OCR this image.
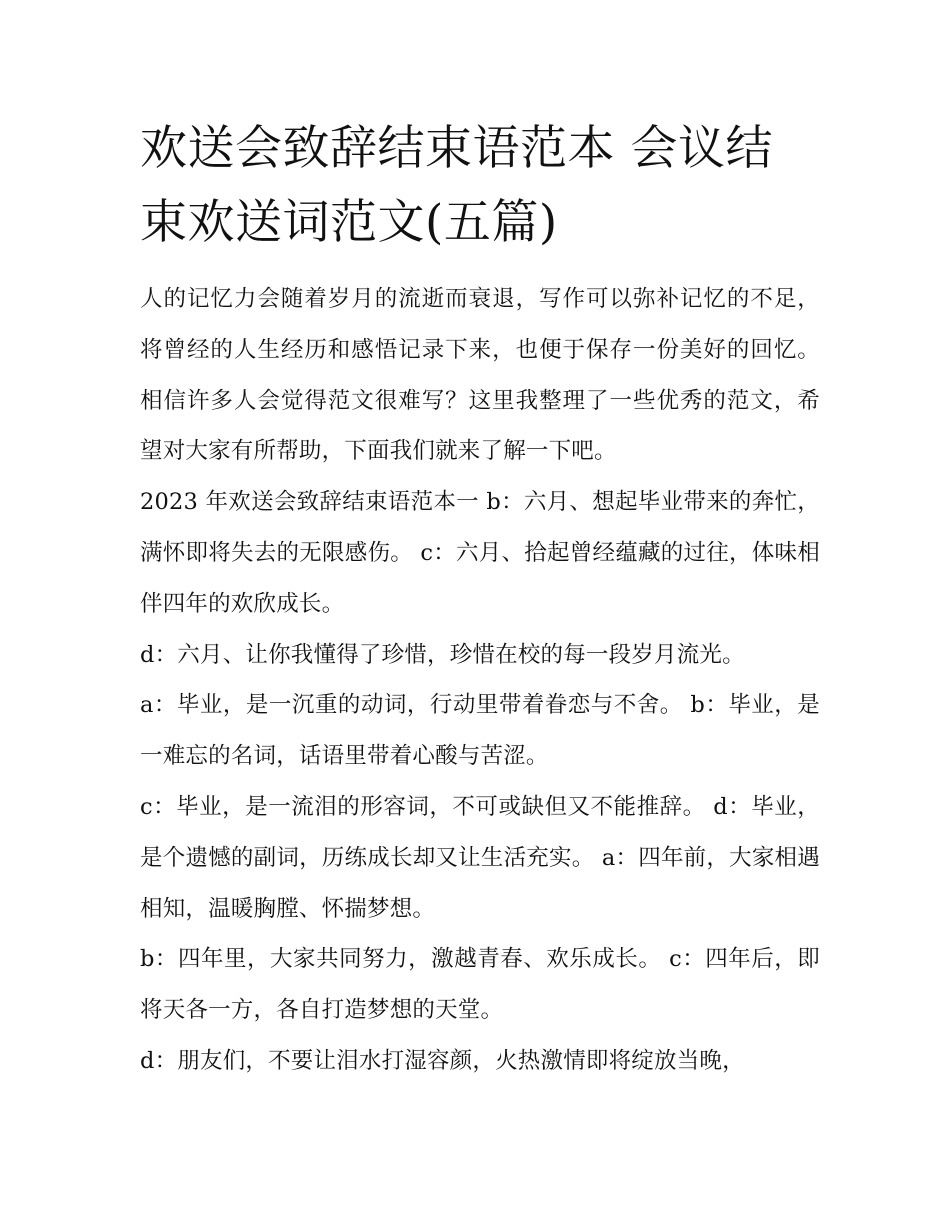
欢送会致辞结束语范本 会议结束欢送词范文(五篇)

人的记忆力会随着岁月的流逝而衰退，写作可以弥补记忆的不足，将曾经的人生经历和感悟记录下来，也便于保存一份美好的回忆。相信许多人会觉得范文很难写？这里我整理了一些优秀的范文，希望对大家有所帮助，下面我们就来了解一下吧。

2023 年欢送会致辞结束语范本一 b：六月、想起毕业带来的奔忙，满怀即将失去的无限感伤。 c：六月、拾起曾经蕴藏的过往，体味相伴四年的欢欣成长。

d：六月、让你我懂得了珍惜，珍惜在校的每一段岁月流光。

a：毕业，是一沉重的动词，行动里带着眷恋与不舍。 b：毕业，是一难忘的名词，话语里带着心酸与苦涩。

c：毕业，是一流泪的形容词，不可或缺但又不能推辞。 d：毕业，是个遗憾的副词，历练成长却又让生活充实。 a：四年前，大家相遇相知，温暖胸膛、怀揣梦想。

b：四年里，大家共同努力，激越青春、欢乐成长。 c：四年后，即将天各一方，各自打造梦想的天堂。

d：朋友们，不要让泪水打湿容颜，火热激情即将绽放当晚，
